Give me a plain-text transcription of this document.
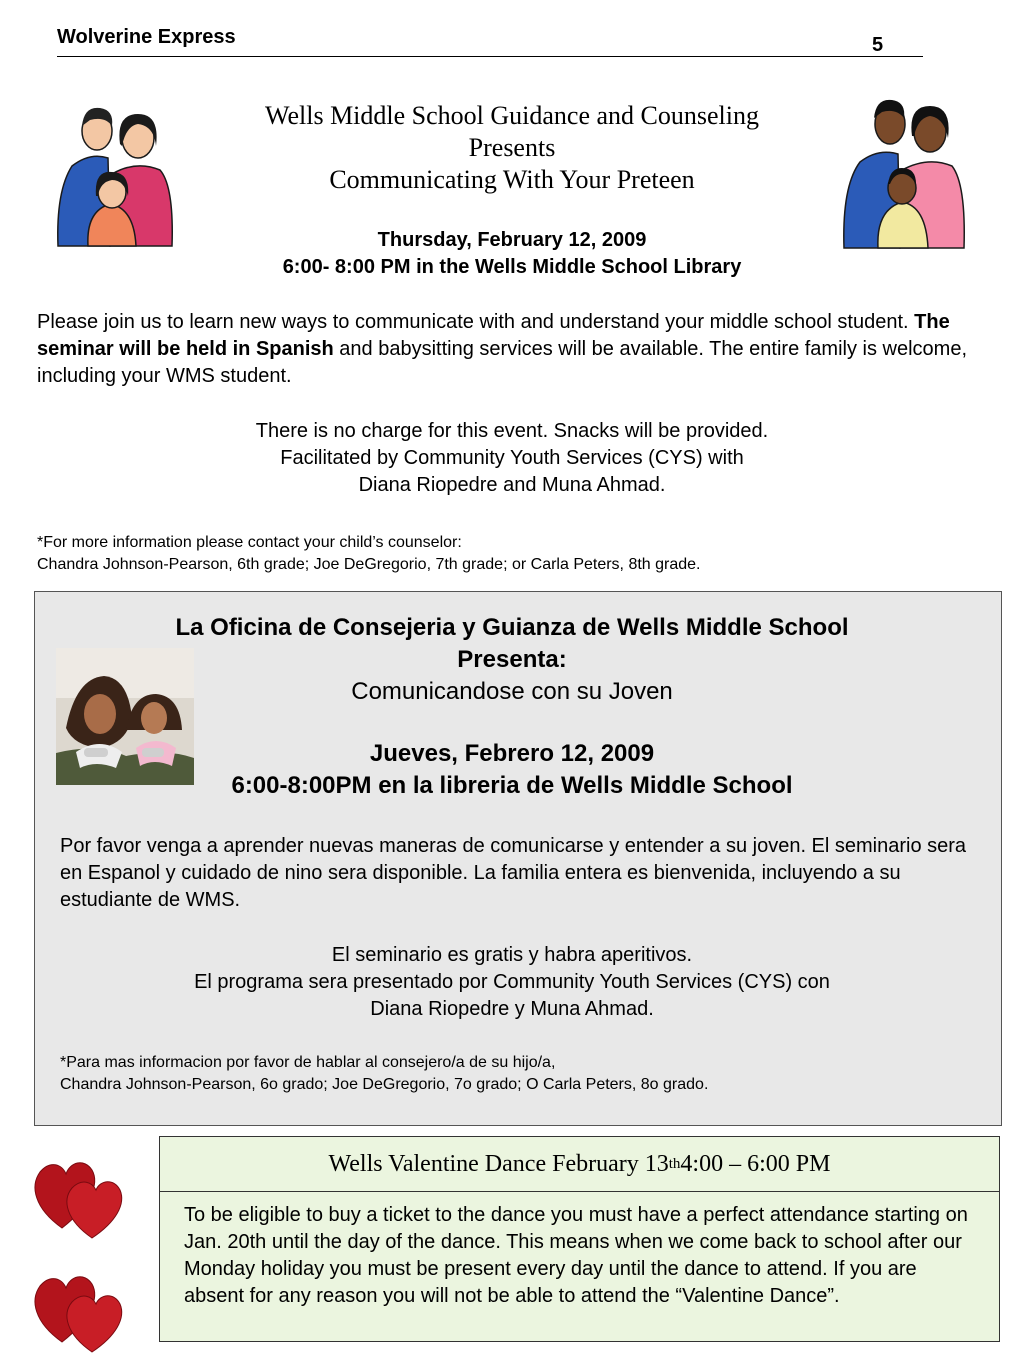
Wolverine Express	5
Wells Middle School Guidance and Counseling
Presents
Communicating With Your Preteen
Thursday, February 12, 2009
6:00- 8:00 PM in the Wells Middle School Library
Please join us to learn new ways to communicate with and understand your middle school student. The seminar will be held in Spanish and babysitting services will be available. The entire family is welcome, including your WMS student.
There is no charge for this event. Snacks will be provided.
Facilitated by Community Youth Services (CYS) with
Diana Riopedre and Muna Ahmad.
*For more information please contact your child’s counselor:
Chandra Johnson-Pearson, 6th grade; Joe DeGregorio, 7th grade; or Carla Peters, 8th grade.
La Oficina de Consejeria y Guianza de Wells Middle School
Presenta:
Comunicandose con su Joven
Jueves, Febrero 12, 2009
6:00-8:00PM en la libreria de Wells Middle School
Por favor venga a aprender nuevas maneras de comunicarse y entender a su joven. El seminario sera en Espanol y cuidado de nino sera disponible. La familia entera es bienvenida, incluyendo a su estudiante de WMS.
El seminario es gratis y habra aperitivos.
El programa sera presentado por Community Youth Services (CYS) con
Diana Riopedre y Muna Ahmad.
*Para mas informacion por favor de hablar al consejero/a de su hijo/a,
Chandra Johnson-Pearson, 6o grado; Joe DeGregorio, 7o grado; O Carla Peters, 8o grado.
Wells Valentine Dance February 13 th 4:00 – 6:00 PM
To be eligible to buy a ticket to the dance you must have a perfect attendance starting on Jan. 20th until the day of the dance. This means when we come back to school after our Monday holiday you must be present every day until the dance to attend. If you are absent for any reason you will not be able to attend the “Valentine Dance”.
